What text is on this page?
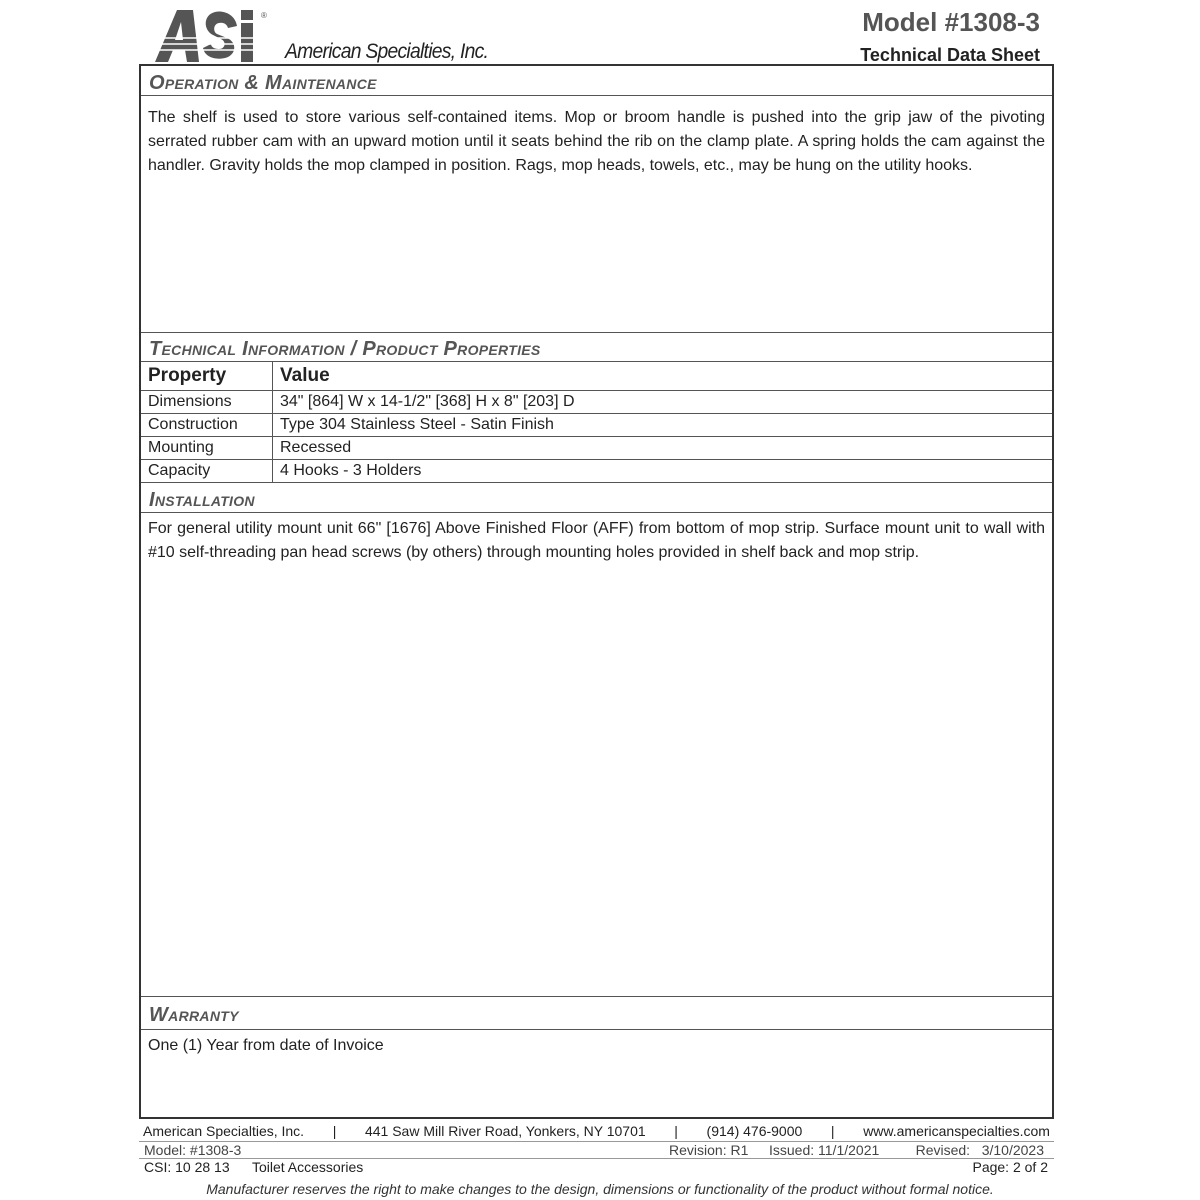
®
American Specialties, Inc.
Model #1308-3
Technical Data Sheet
Operation & Maintenance
The shelf is used to store various self-contained items. Mop or broom handle is pushed into the grip jaw of the pivoting serrated rubber cam with an upward motion until it seats behind the rib on the clamp plate. A spring holds the cam against the handler. Gravity holds the mop clamped in position. Rags, mop heads, towels, etc., may be hung on the utility hooks.
Technical Information / Product Properties
Property	Value
Dimensions	34" [864] W x 14-1/2" [368] H x 8" [203] D
Construction	Type 304 Stainless Steel - Satin Finish
Mounting	Recessed
Capacity	4 Hooks - 3 Holders
Installation
For general utility mount unit 66" [1676] Above Finished Floor (AFF) from bottom of mop strip. Surface mount unit to wall with #10 self-threading pan head screws (by others) through mounting holes provided in shelf back and mop strip.
Warranty
One (1) Year from date of Invoice
American Specialties, Inc. | 441 Saw Mill River Road, Yonkers, NY 10701 | (914) 476-9000 | www.americanspecialties.com
Model: #1308-3	Revision: R1 Issued: 11/1/2021	Revised:   3/10/2023
CSI: 10 28 13 Toilet Accessories	Page: 2 of 2
Manufacturer reserves the right to make changes to the design, dimensions or functionality of the product without formal notice.
